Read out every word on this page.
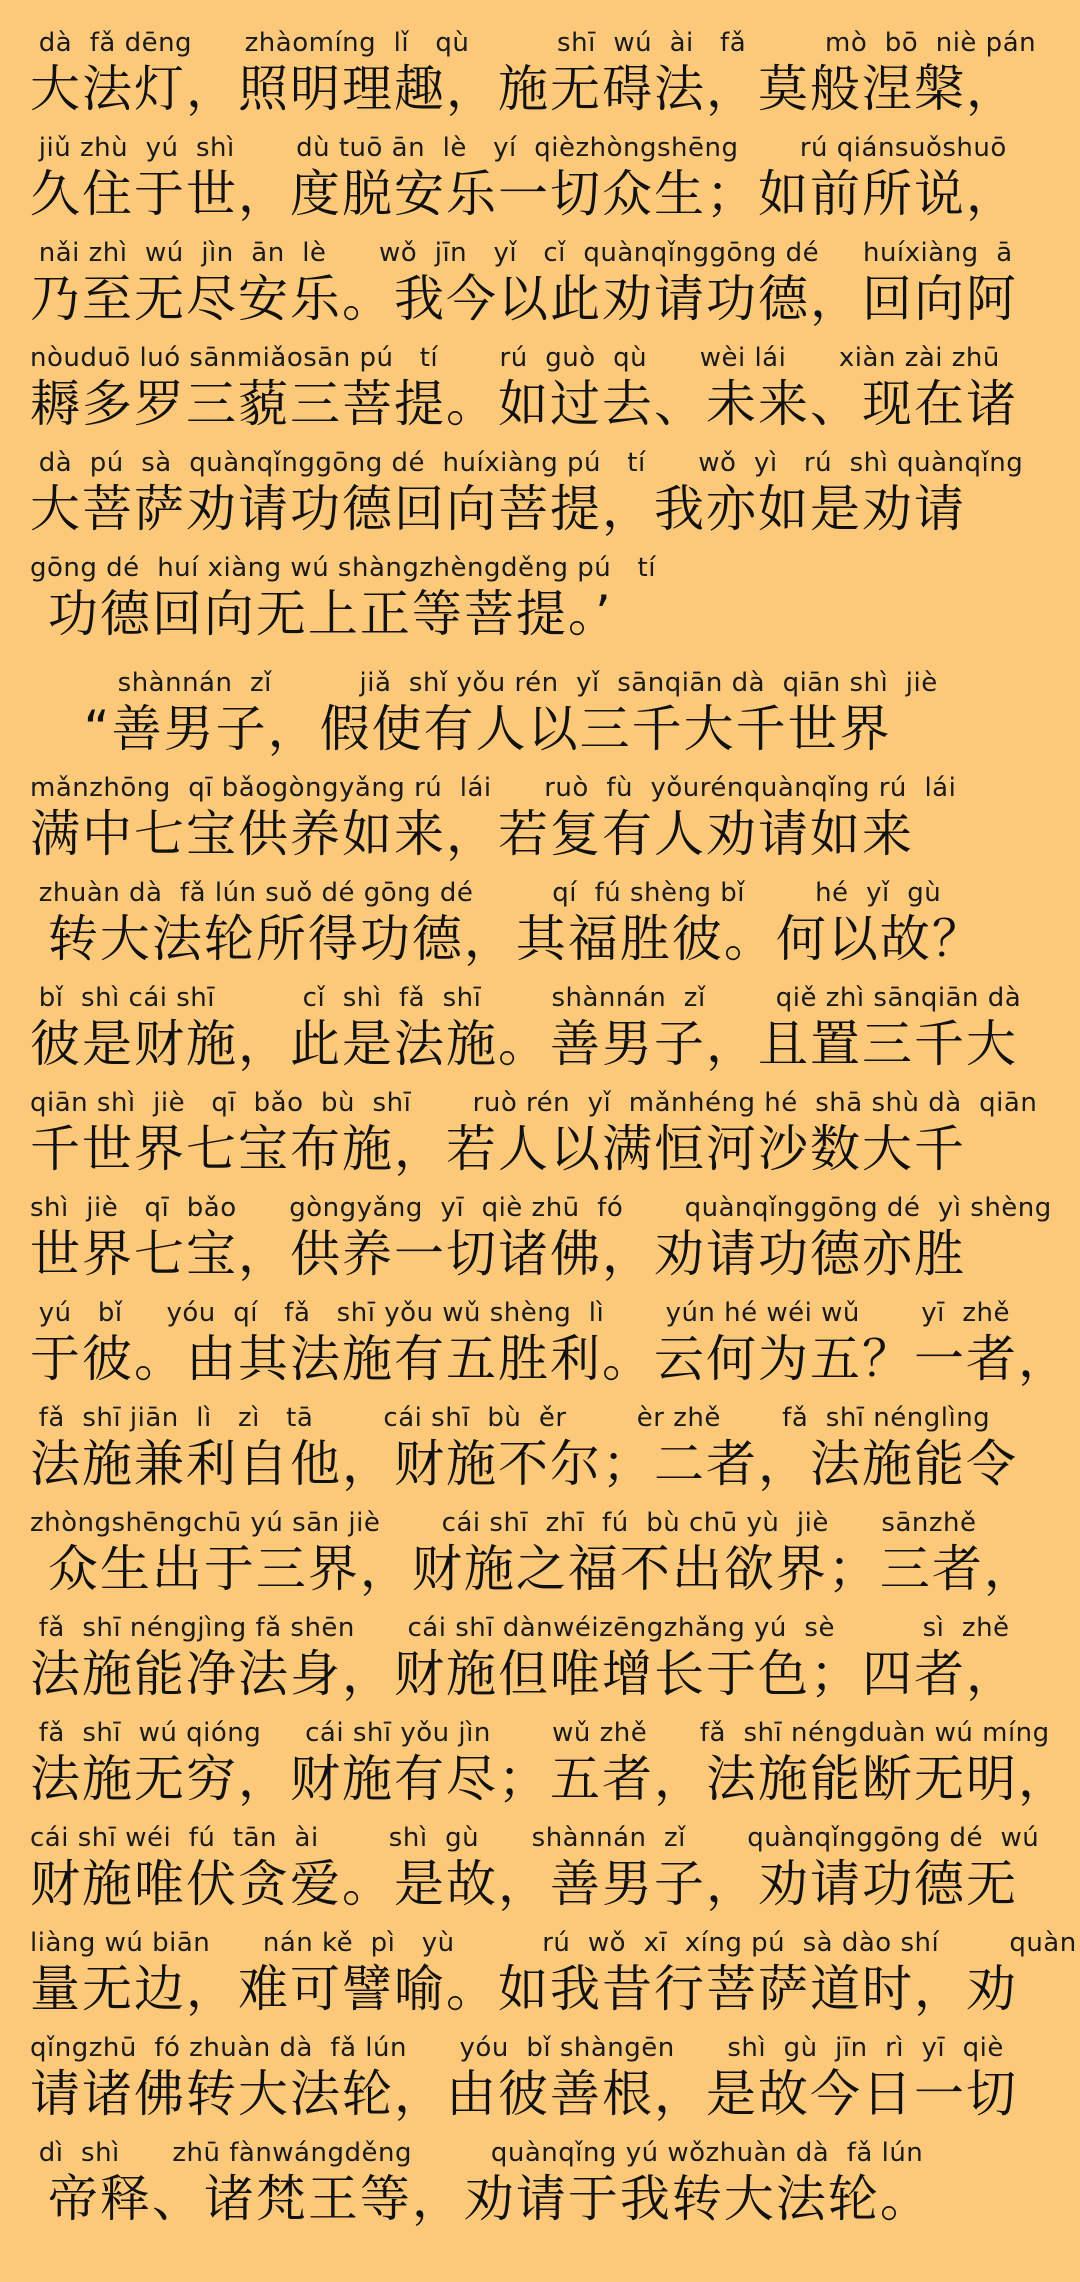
dà  fǎ dēng      zhàomíng  lǐ   qù          shī  wú  ài   fǎ         mò  bō  niè pán
大法灯，照明理趣，施无碍法，莫般涅槃，
jiǔ zhù  yú  shì       dù tuō ān  lè   yí  qièzhòngshēng       rú qiánsuǒshuō
久住于世，度脱安乐一切众生；如前所说，
nǎi zhì  wú  jìn  ān  lè      wǒ  jīn   yǐ   cǐ  quànqǐnggōng dé     huíxiàng  ā
乃至无尽安乐。我今以此劝请功德，回向阿
nòuduō luó sānmiǎosān pú   tí       rú  guò  qù      wèi lái      xiàn zài zhū
耨多罗三藐三菩提。如过去、未来、现在诸
dà  pú  sà  quànqǐnggōng dé  huíxiàng pú   tí      wǒ  yì   rú  shì quànqǐng
大菩萨劝请功德回向菩提，我亦如是劝请
gōng dé  huí xiàng wú shàngzhèngděng pú   tí
功德回向无上正等菩提。’
shànnán  zǐ          jiǎ  shǐ yǒu rén  yǐ  sānqiān dà  qiān shì  jiè
“善男子，假使有人以三千大千世界
mǎnzhōng  qī bǎogòngyǎng rú  lái      ruò  fù  yǒurénquànqǐng rú  lái
满中七宝供养如来，若复有人劝请如来
zhuàn dà  fǎ lún suǒ dé gōng dé         qí  fú shèng bǐ        hé  yǐ  gù
转大法轮所得功德，其福胜彼。何以故？
bǐ  shì cái shī          cǐ  shì  fǎ  shī        shànnán  zǐ        qiě zhì sānqiān dà
彼是财施，此是法施。善男子，且置三千大
qiān shì  jiè   qī  bǎo  bù  shī       ruò rén  yǐ  mǎnhéng hé  shā shù dà  qiān
千世界七宝布施，若人以满恒河沙数大千
shì  jiè   qī  bǎo      gòngyǎng  yī  qiè zhū  fó       quànqǐnggōng dé  yì shèng
世界七宝，供养一切诸佛，劝请功德亦胜
yú   bǐ     yóu  qí   fǎ   shī yǒu wǔ shèng  lì       yún hé wéi wǔ       yī  zhě
于彼。由其法施有五胜利。云何为五？一者，
fǎ  shī jiān  lì   zì   tā        cái shī  bù  ěr        èr zhě       fǎ  shī nénglìng
法施兼利自他，财施不尔；二者，法施能令
zhòngshēngchū yú sān jiè       cái shī  zhī  fú  bù chū yù  jiè      sānzhě
众生出于三界，财施之福不出欲界；三者，
fǎ  shī néngjìng fǎ shēn      cái shī dànwéizēngzhǎng yú  sè          sì  zhě
法施能净法身，财施但唯增长于色；四者，
fǎ  shī  wú qióng     cái shī yǒu jìn       wǔ zhě      fǎ  shī néngduàn wú míng
法施无穷，财施有尽；五者，法施能断无明，
cái shī wéi  fú  tān  ài        shì  gù      shànnán  zǐ       quànqǐnggōng dé  wú
财施唯伏贪爱。是故，善男子，劝请功德无
liàng wú biān      nán kě  pì   yù          rú  wǒ  xī  xíng pú  sà dào shí        quàn
量无边，难可譬喻。如我昔行菩萨道时，劝
qǐngzhū  fó zhuàn dà  fǎ lún      yóu  bǐ shàngēn      shì  gù  jīn  rì  yī  qiè
请诸佛转大法轮，由彼善根，是故今日一切
dì  shì      zhū fànwángděng         quànqǐng yú wǒzhuàn dà  fǎ lún
帝释、诸梵王等，劝请于我转大法轮。
